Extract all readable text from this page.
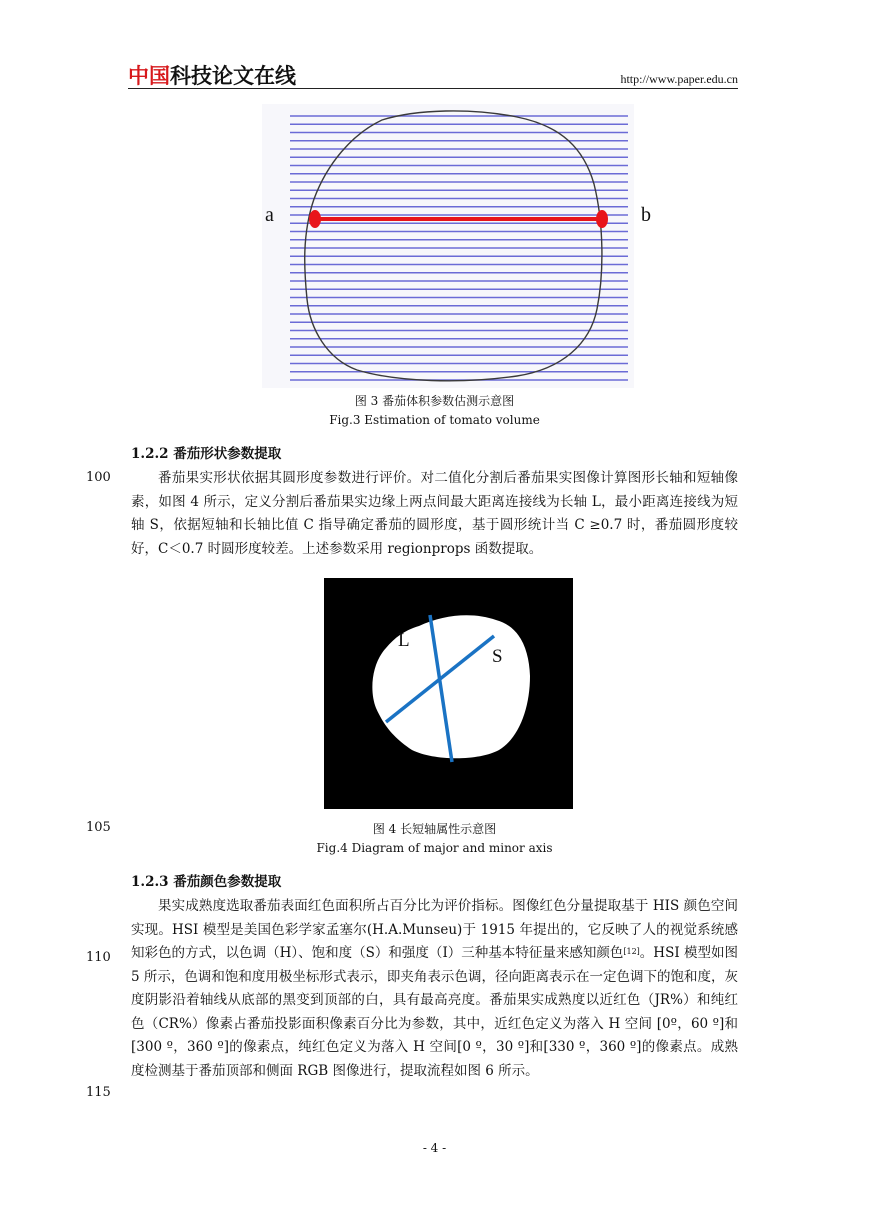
中国科技论文在线	http://www.paper.edu.cn
a	b
图 3 番茄体积参数估测示意图
Fig.3 Estimation of tomato volume
1.2.2 番茄形状参数提取
番茄果实形状依据其圆形度参数进行评价。对二值化分割后番茄果实图像计算图形长轴和短轴像素，如图 4 所示，定义分割后番茄果实边缘上两点间最大距离连接线为长轴 L，最小距离连接线为短轴 S，依据短轴和长轴比值 C 指导确定番茄的圆形度，基于圆形统计当 C ≥0.7 时，番茄圆形度较好，C＜0.7 时圆形度较差。上述参数采用 regionprops 函数提取。
L
S
100
105	图 4 长短轴属性示意图
Fig.4 Diagram of major and minor axis
1.2.3 番茄颜色参数提取
果实成熟度选取番茄表面红色面积所占百分比为评价指标。图像红色分量提取基于 HIS 颜色空间实现。HSI 模型是美国色彩学家孟塞尔(H.A.Munseu)于 1915 年提出的，它反映了人的视觉系统感知彩色的方式，以色调（H）、饱和度（S）和强度（I）三种基本特征量来感知颜色[12]。HSI 模型如图 5 所示，色调和饱和度用极坐标形式表示，即夹角表示色调，径向距离表示在一定色调下的饱和度，灰度阴影沿着轴线从底部的黑变到顶部的白，具有最高亮度。番茄果实成熟度以近红色（JR%）和纯红色（CR%）像素占番茄投影面积像素百分比为参数，其中，近红色定义为落入 H 空间 [0º，60 º]和[300 º，360 º]的像素点，纯红色定义为落入 H 空间[0 º，30 º]和[330 º，360 º]的像素点。成熟度检测基于番茄顶部和侧面 RGB 图像进行，提取流程如图 6 所示。
110
115
- 4 -
